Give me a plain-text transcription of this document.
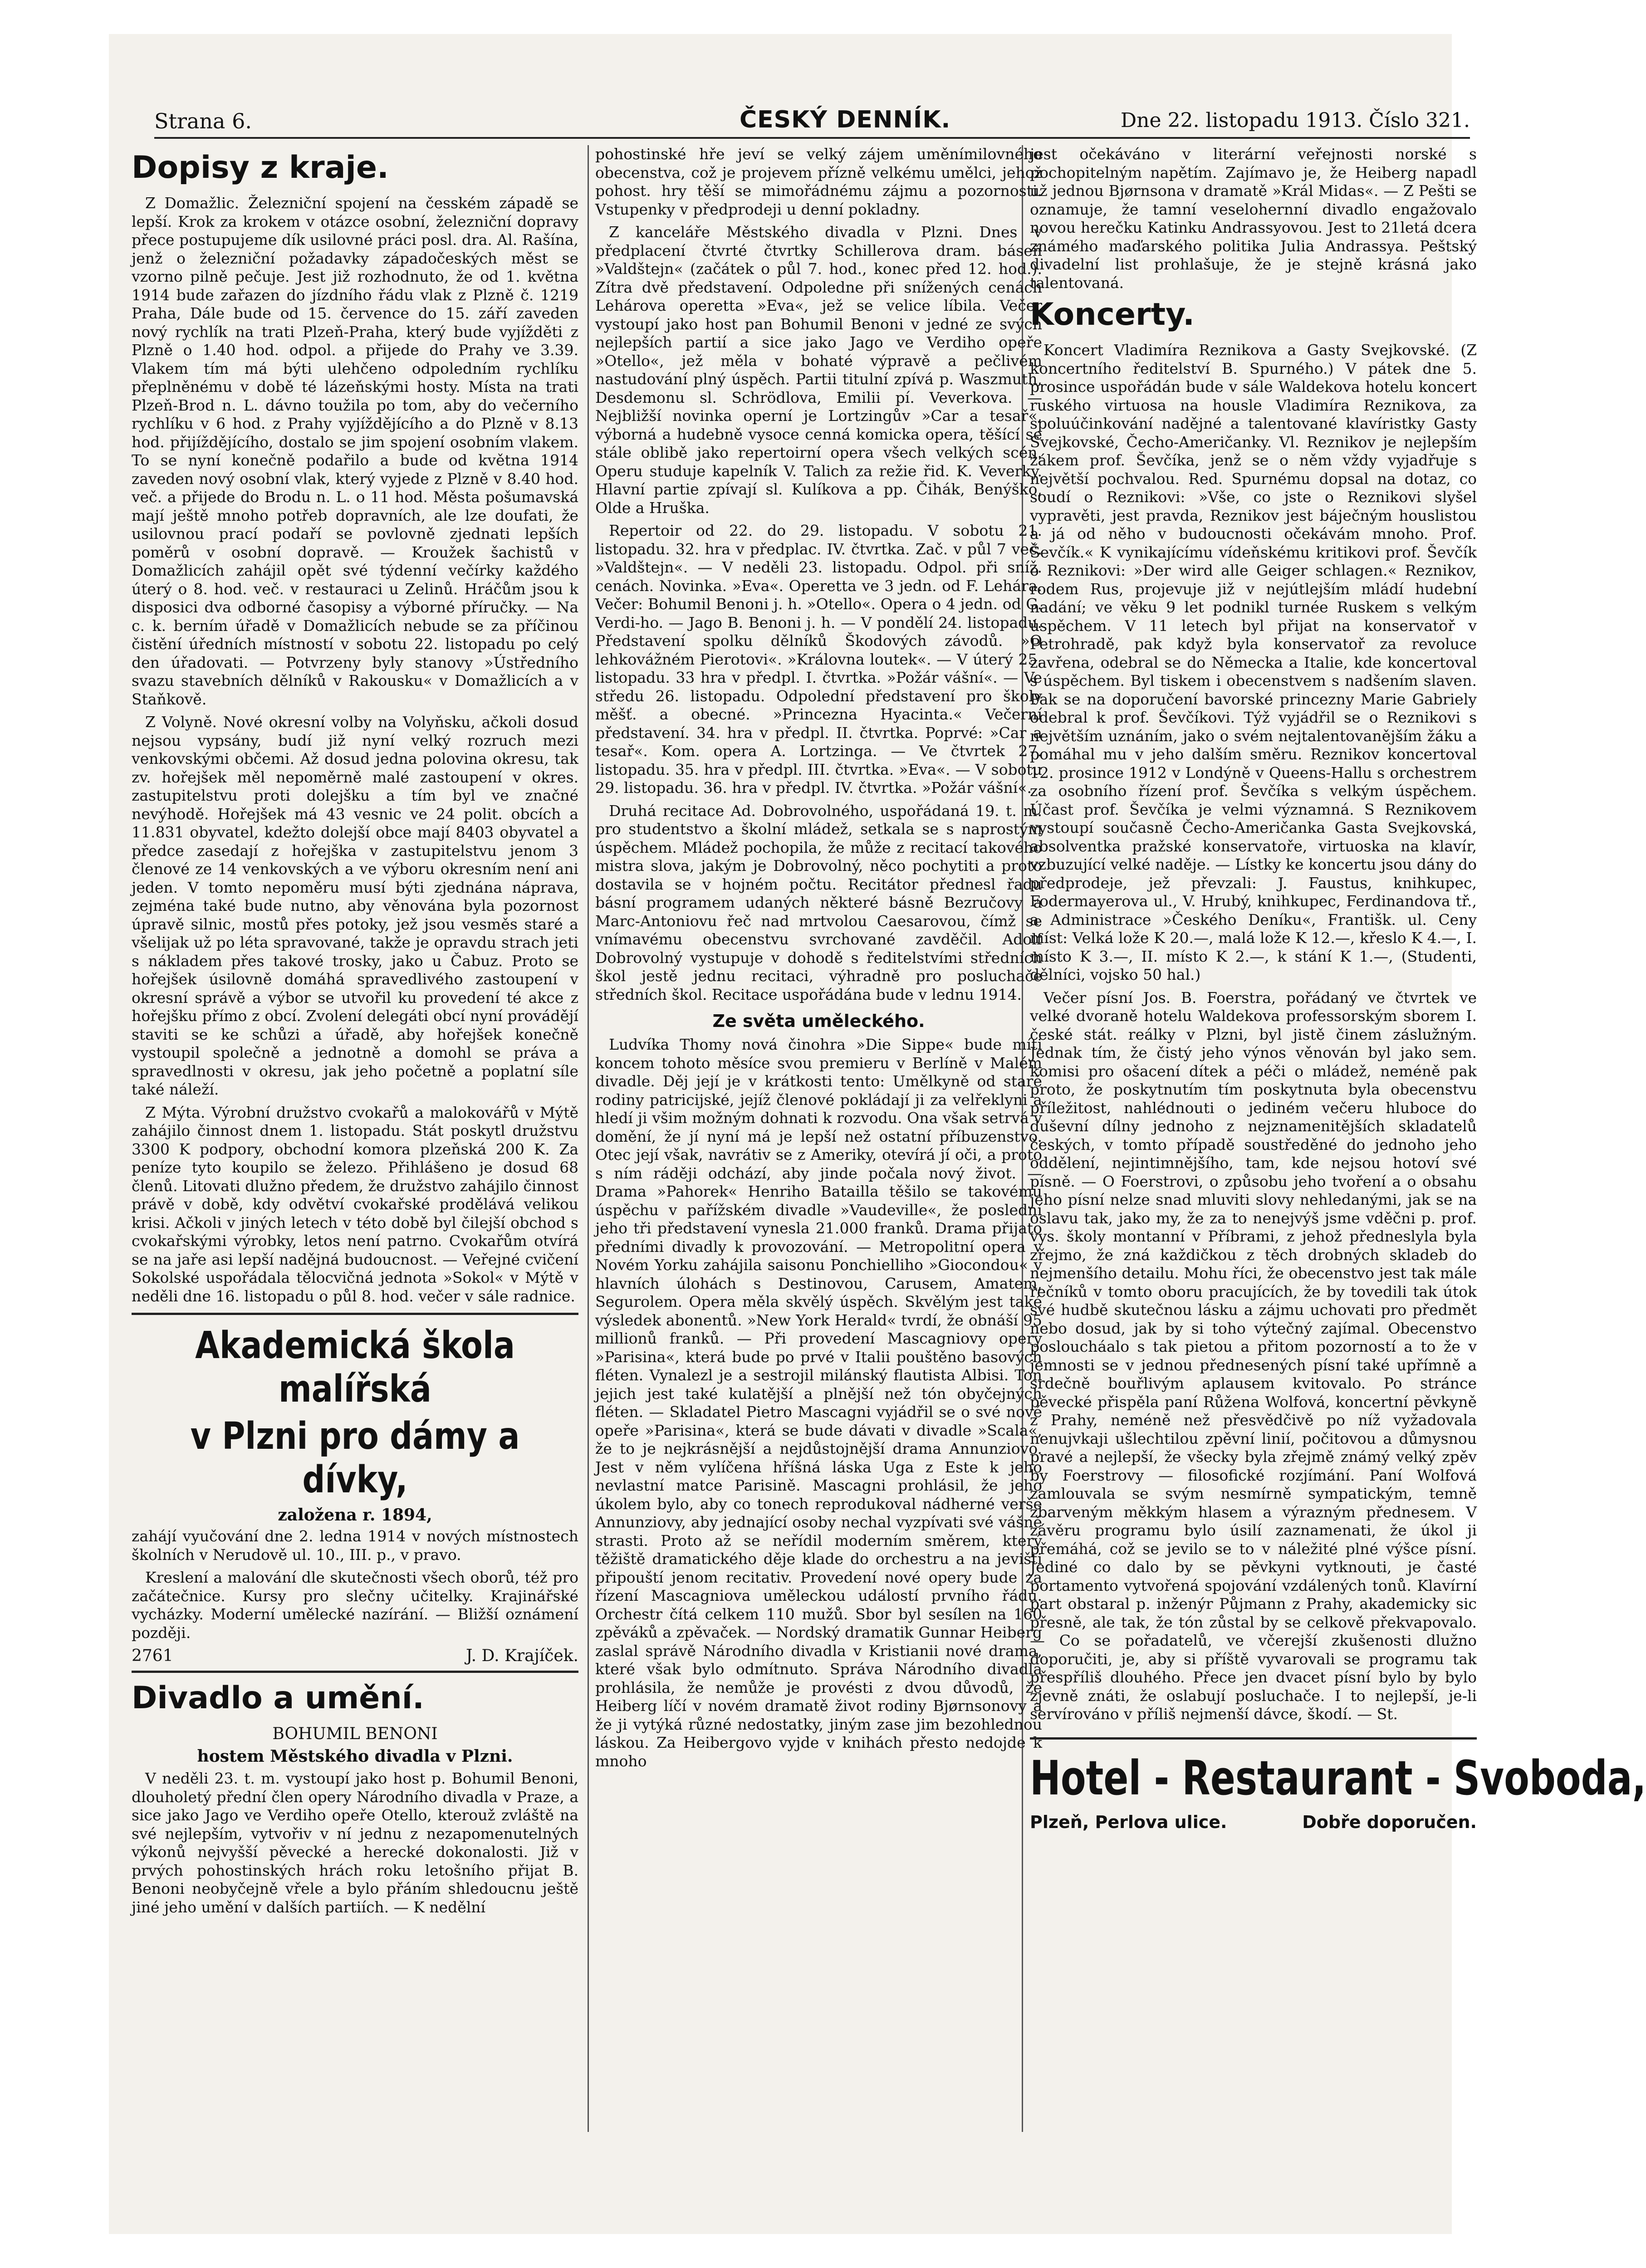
Strana 6.	ČESKÝ DENNÍK.	Dne 22. listopadu 1913. Číslo 321.
Dopisy z kraje.

Z Domažlic. Železniční spojení na česském západě se lepší. Krok za krokem v otázce osobní, železniční dopravy přece postupujeme dík usilovné práci posl. dra. Al. Rašína, jenž o železniční požadavky západočeských měst se vzorno pilně pečuje. Jest již rozhodnuto, že od 1. května 1914 bude zařazen do jízdního řádu vlak z Plzně č. 1219 Praha, Dále bude od 15. července do 15. září zaveden nový rychlík na trati Plzeň-Praha, který bude vyjížděti z Plzně o 1.40 hod. odpol. a přijede do Prahy ve 3.39. Vlakem tím má býti ulehčeno odpoledním rychlíku přeplněnému v době té lázeňskými hosty. Místa na trati Plzeň-Brod n. L. dávno toužila po tom, aby do večerního rychlíku v 6 hod. z Prahy vyjíždějícího a do Plzně v 8.13 hod. přijíždějícího, dostalo se jim spojení osobním vlakem. To se nyní konečně podařilo a bude od května 1914 zaveden nový osobní vlak, který vyjede z Plzně v 8.40 hod. več. a přijede do Brodu n. L. o 11 hod. Města pošumavská mají ještě mnoho potřeb dopravních, ale lze doufati, že usilovnou prací podaří se povlovně zjednati lepších poměrů v osobní dopravě. — Kroužek šachistů v Domažlicích zahájil opět své týdenní večírky každého úterý o 8. hod. več. v restauraci u Zelinů. Hráčům jsou k disposici dva odborné časopisy a výborné příručky. — Na c. k. berním úřadě v Domažlicích nebude se za příčinou čistění úředních místností v sobotu 22. listopadu po celý den úřadovati. — Potvrzeny byly stanovy »Ústředního svazu stavebních dělníků v Rakousku« v Domažlicích a v Staňkově.

Z Volyně. Nové okresní volby na Volyňsku, ačkoli dosud nejsou vypsány, budí již nyní velký rozruch mezi venkovskými občemi. Až dosud jedna polovina okresu, tak zv. hořejšek měl nepoměrně malé zastoupení v okres. zastupitelstvu proti dolejšku a tím byl ve značné nevýhodě. Hořejšek má 43 vesnic ve 24 polit. obcích a 11.831 obyvatel, kdežto dolejší obce mají 8403 obyvatel a předce zasedají z hořejška v zastupitelstvu jenom 3 členové ze 14 venkovských a ve výboru okresním není ani jeden. V tomto nepoměru musí býti zjednána náprava, zejména také bude nutno, aby věnována byla pozornost úpravě silnic, mostů přes potoky, jež jsou vesměs staré a všelijak už po léta spravované, takže je opravdu strach jeti s nákladem přes takové trosky, jako u Čabuz. Proto se hořejšek úsilovně domáhá spravedlivého zastoupení v okresní správě a výbor se utvořil ku provedení té akce z hořejšku přímo z obcí. Zvolení delegáti obcí nyní provádějí staviti se ke schůzi a úřadě, aby hořejšek konečně vystoupil společně a jednotně a domohl se práva a spravedlnosti v okresu, jak jeho početně a poplatní síle také náleží.

Z Mýta. Výrobní družstvo cvokařů a malokovářů v Mýtě zahájilo činnost dnem 1. listopadu. Stát poskytl družstvu 3300 K podpory, obchodní komora plzeňská 200 K. Za peníze tyto koupilo se železo. Přihlášeno je dosud 68 členů. Litovati dlužno předem, že družstvo zahájilo činnost právě v době, kdy odvětví cvokařské prodělává velikou krisi. Ačkoli v jiných letech v této době byl čilejší obchod s cvokařskými výrobky, letos není patrno. Cvokařům otvírá se na jaře asi lepší nadějná budoucnost. — Veřejné cvičení Sokolské uspořádala tělocvičná jednota »Sokol« v Mýtě v neděli dne 16. listopadu o půl 8. hod. večer v sále radnice.

Akademická škola malířská
v Plzni pro dámy a dívky,
založena r. 1894,

zahájí vyučování dne 2. ledna 1914 v nových místnostech školních v Nerudově ul. 10., III. p., v pravo.

Kreslení a malování dle skutečnosti všech oborů, též pro začátečnice. Kursy pro slečny učitelky. Krajinářské vycházky. Moderní umělecké nazírání. — Bližší oznámení později.

2761	J. D. Krajíček.
Divadlo a umění.
BOHUMIL BENONI
hostem Městského divadla v Plzni.

V neděli 23. t. m. vystoupí jako host p. Bohumil Benoni, dlouholetý přední člen opery Národního divadla v Praze, a sice jako Jago ve Verdiho opeře Otello, kterouž zvláště na své nejlepším, vytvořiv v ní jednu z nezapomenutelných výkonů nejvyšší pěvecké a herecké dokonalosti. Již v prvých pohostinských hrách roku letošního přijat B. Benoni neobyčejně vřele a bylo přáním shledoucnu ještě jiné jeho umění v dalších partiích. — K nedělní

pohostinské hře jeví se velký zájem uměnímilovného obecenstva, což je projevem přízně velkému umělci, jehož pohost. hry těší se mimořádnému zájmu a pozornosti. Vstupenky v předprodeji u denní pokladny.

Z kanceláře Městského divadla v Plzni. Dnes v předplacení čtvrté čtvrtky Schillerova dram. báseň »Valdštejn« (začátek o půl 7. hod., konec před 12. hod.). Zítra dvě představení. Odpoledne při snížených cenách Lehárova operetta »Eva«, jež se velice líbila. Večer vystoupí jako host pan Bohumil Benoni v jedné ze svých nejlepších partií a sice jako Jago ve Verdiho opeře »Otello«, jež měla v bohaté výpravě a pečlivém nastudování plný úspěch. Partii titulní zpívá p. Waszmuth, Desdemonu sl. Schrödlova, Emilii pí. Veverkova. — Nejbližší novinka operní je Lortzingův »Car a tesař«, výborná a hudebně vysoce cenná komicka opera, těšící se stále oblibě jako repertoirní opera všech velkých scén. Operu studuje kapelník V. Talich za režie řid. K. Veverky. Hlavní partie zpívají sl. Kulíkova a pp. Čihák, Benýško, Olde a Hruška.

Repertoir od 22. do 29. listopadu. V sobotu 21. listopadu. 32. hra v předplac. IV. čtvrtka. Zač. v půl 7 več. »Valdštejn«. — V neděli 23. listopadu. Odpol. při sníž. cenách. Novinka. »Eva«. Operetta ve 3 jedn. od F. Lehára. Večer: Bohumil Benoni j. h. »Otello«. Opera o 4 jedn. od G. Verdi-ho. — Jago B. Benoni j. h. — V pondělí 24. listopadu. Představení spolku dělníků Škodových závodů. »O lehkovážném Pierotovi«. »Královna loutek«. — V úterý 25. listopadu. 33 hra v předpl. I. čtvrtka. »Požár vášní«. — Ve středu 26. listopadu. Odpolední představení pro školy měšť. a obecné. »Princezna Hyacinta.« Večerní představení. 34. hra v předpl. II. čtvrtka. Poprvé: »Car a tesař«. Kom. opera A. Lortzinga. — Ve čtvrtek 27. listopadu. 35. hra v předpl. III. čtvrtka. »Eva«. — V sobotu 29. listopadu. 36. hra v předpl. IV. čtvrtka. »Požár vášní«.

Druhá recitace Ad. Dobrovolného, uspořádaná 19. t. m. pro studentstvo a školní mládež, setkala se s naprostým úspěchem. Mládež pochopila, že může z recitací takového mistra slova, jakým je Dobrovolný, něco pochytiti a proto dostavila se v hojném počtu. Recitátor přednesl řadu básní programem udaných některé básně Bezručovy a Marc-Antoniovu řeč nad mrtvolou Caesarovou, čímž se vnímavému obecenstvu svrchované zavděčil. Adolf Dobrovolný vystupuje v dohodě s ředitelstvími středních škol jestě jednu recitaci, výhradně pro posluchače středních škol. Recitace uspořádána bude v lednu 1914.

Ze světa uměleckého.

Ludvíka Thomy nová činohra »Die Sippe« bude míti koncem tohoto měsíce svou premieru v Berlíně v Malém divadle. Děj její je v krátkosti tento: Umělkyně od staré rodiny patricijské, jejíž členové pokládají ji za velřeklyni a hledí ji všim možným dohnati k rozvodu. Ona však setrvá v domění, že jí nyní má je lepší než ostatní příbuzenstvo. Otec její však, navrátiv se z Ameriky, otevírá jí oči, a proto s ním ráději odchází, aby jinde počala nový život. — Drama »Pahorek« Henriho Batailla těšilo se takovému úspěchu v pařížském divadle »Vaudeville«, že poslední jeho tři představení vynesla 21.000 franků. Drama přijato předními divadly k provozování. — Metropolitní opera v Novém Yorku zahájila saisonu Ponchielliho »Giocondou« v hlavních úlohách s Destinovou, Carusem, Amatem, Segurolem. Opera měla skvělý úspěch. Skvělým jest také výsledek abonentů. »New York Herald« tvrdí, že obnáší 95 millionů franků. — Při provedení Mascagniovy opery »Parisina«, která bude po prvé v Italii pouštěno basových fléten. Vynalezl je a sestrojil milánský flautista Albisi. Ton jejich jest také kulatější a plnější než tón obyčejných fléten. — Skladatel Pietro Mascagni vyjádřil se o své nové opeře »Parisina«, která se bude dávati v divadle »Scala«, že to je nejkrásnější a nejdůstojnější drama Annunziovo. Jest v něm vylíčena hříšná láska Uga z Este k jeho nevlastní matce Parisině. Mascagni prohlásil, že jeho úkolem bylo, aby co tonech reprodukoval nádherné verše Annunziovy, aby jednající osoby nechal vyzpívati své vášně strasti. Proto až se neřídil moderním směrem, který těžiště dramatického děje klade do orchestru a na jevišti připouští jenom recitativ. Provedení nové opery bude za řízení Mascagniova uměleckou událostí prvního řádu. Orchestr čítá celkem 110 mužů. Sbor byl sesílen na 160 zpěváků a zpěvaček. — Nordský dramatik Gunnar Heiberg zaslal správě Národního divadla v Kristianii nové drama, které však bylo odmítnuto. Správa Národního divadla prohlásila, že nemůže je provésti z dvou důvodů, že Heiberg líčí v novém dramatě život rodiny Bjørnsonovy a že ji vytýká různé nedostatky, jiným zase jim bezohlednou láskou. Za Heibergovo vyjde v knihách přesto nedojde k mnoho

jest očekáváno v literární veřejnosti norské s pochopitelným napětím. Zajímavo je, že Heiberg napadl už jednou Bjørnsona v dramatě »Král Midas«. — Z Pešti se oznamuje, že tamní veselohernní divadlo engažovalo novou herečku Katinku Andrassyovou. Jest to 21letá dcera známého maďarského politika Julia Andrassya. Peštský divadelní list prohlašuje, že je stejně krásná jako talentovaná.

Koncerty.

Koncert Vladimíra Reznikova a Gasty Svejkovské. (Z koncertního ředitelství B. Spurného.) V pátek dne 5. prosince uspořádán bude v sále Waldekova hotelu koncert ruského virtuosa na housle Vladimíra Reznikova, za spoluúčinkování nadějné a talentované klavíristky Gasty Svejkovské, Čecho-Američanky. Vl. Reznikov je nejlepším žákem prof. Ševčíka, jenž se o něm vždy vyjadřuje s největší pochvalou. Red. Spurnému dopsal na dotaz, co soudí o Reznikovi: »Vše, co jste o Reznikovi slyšel vypravěti, jest pravda, Reznikov jest báječným houslistou a já od něho v budoucnosti očekávám mnoho. Prof. Ševčík.« K vynikajícímu vídeňskému kritikovi prof. Ševčík o Reznikovi: »Der wird alle Geiger schlagen.« Reznikov, rodem Rus, projevuje již v nejútlejším mládí hudební nadání; ve věku 9 let podnikl turnée Ruskem s velkým úspěchem. V 11 letech byl přijat na konservatoř v Petrohradě, pak když byla konservatoř za revoluce zavřena, odebral se do Německa a Italie, kde koncertoval s úspěchem. Byl tiskem i obecenstvem s nadšením slaven. Pak se na doporučení bavorské princezny Marie Gabriely odebral k prof. Ševčíkovi. Týž vyjádřil se o Reznikovi s největším uznáním, jako o svém nejtalentovanějším žáku a pomáhal mu v jeho dalším směru. Reznikov koncertoval 12. prosince 1912 v Londýně v Queens-Hallu s orchestrem za osobního řízení prof. Ševčíka s velkým úspěchem. Účast prof. Ševčíka je velmi významná. S Reznikovem vystoupí současně Čecho-Američanka Gasta Svejkovská, absolventka pražské konservatoře, virtuoska na klavír, vzbuzující velké naděje. — Lístky ke koncertu jsou dány do předprodeje, jež převzali: J. Faustus, knihkupec, Fodermayerova ul., V. Hrubý, knihkupec, Ferdinandova tř., a Administrace »Českého Deníku«, Františk. ul. Ceny míst: Velká lože K 20.—, malá lože K 12.—, křeslo K 4.—, I. místo K 3.—, II. místo K 2.—, k stání K 1.—, (Studenti, dělníci, vojsko 50 hal.)

Večer písní Jos. B. Foerstra, pořádaný ve čtvrtek ve velké dvoraně hotelu Waldekova professorským sborem I. české stát. reálky v Plzni, byl jistě činem záslužným. Jednak tím, že čistý jeho výnos věnován byl jako sem. komisi pro ošacení dítek a péči o mládež, neméně pak proto, že poskytnutím tím poskytnuta byla obecenstvu příležitost, nahlédnouti o jediném večeru hluboce do duševní dílny jednoho z nejznamenitějších skladatelů českých, v tomto případě soustředěné do jednoho jeho oddělení, nejintimnějšího, tam, kde nejsou hotoví své písně. — O Foerstrovi, o způsobu jeho tvoření a o obsahu jeho písní nelze snad mluviti slovy nehledanými, jak se na oslavu tak, jako my, že za to nenejvýš jsme vděčni p. prof. vys. školy montanní v Příbrami, z jehož předneslyla byla zřejmo, že zná každičkou z těch drobných skladeb do nejmenšího detailu. Mohu říci, že obecenstvo jest tak mále řečníků v tomto oboru pracujících, že by tovedili tak útok své hudbě skutečnou lásku a zájmu uchovati pro předmět nebo dosud, jak by si toho výtečný zajímal. Obecenstvo posloucháalo s tak pietou a přitom pozorností a to že v jemnosti se v jednou přednesených písní také upřímně a srdečně bouřlivým aplausem kvitovalo. Po stránce pěvecké přispěla paní Růžena Wolfová, koncertní pěvkyně z Prahy, neméně než přesvědčivě po níž vyžadovala nenujvkaji ušlechtilou zpěvní linií, počitovou a důmysnou pravé a nejlepší, že všecky byla zřejmě známý velký zpěv by Foerstrovy — filosofické rozjímání. Paní Wolfová zamlouvala se svým nesmírně sympatickým, temně zbarveným měkkým hlasem a výrazným přednesem. V závěru programu bylo úsilí zaznamenati, že úkol ji přemáhá, což se jevilo se to v náležité plné výšce písní. Jediné co dalo by se pěvkyni vytknouti, je časté portamento vytvořená spojování vzdálených tonů. Klavírní part obstaral p. inženýr Půjmann z Prahy, akademicky sic přesně, ale tak, že tón zůstal by se celkově překvapovalo. — Co se pořadatelů, ve včerejší zkušenosti dlužno doporučiti, je, aby si příště vyvarovali se programu tak přespříliš dlouhého. Přece jen dvacet písní bylo by bylo zjevně znáti, že oslabují posluchače. I to nejlepší, je-li servírováno v příliš nejmenší dávce, škodí. — St.

Hotel - Restaurant - Svoboda,
Plzeň, Perlova ulice.	Dobře doporučen.
